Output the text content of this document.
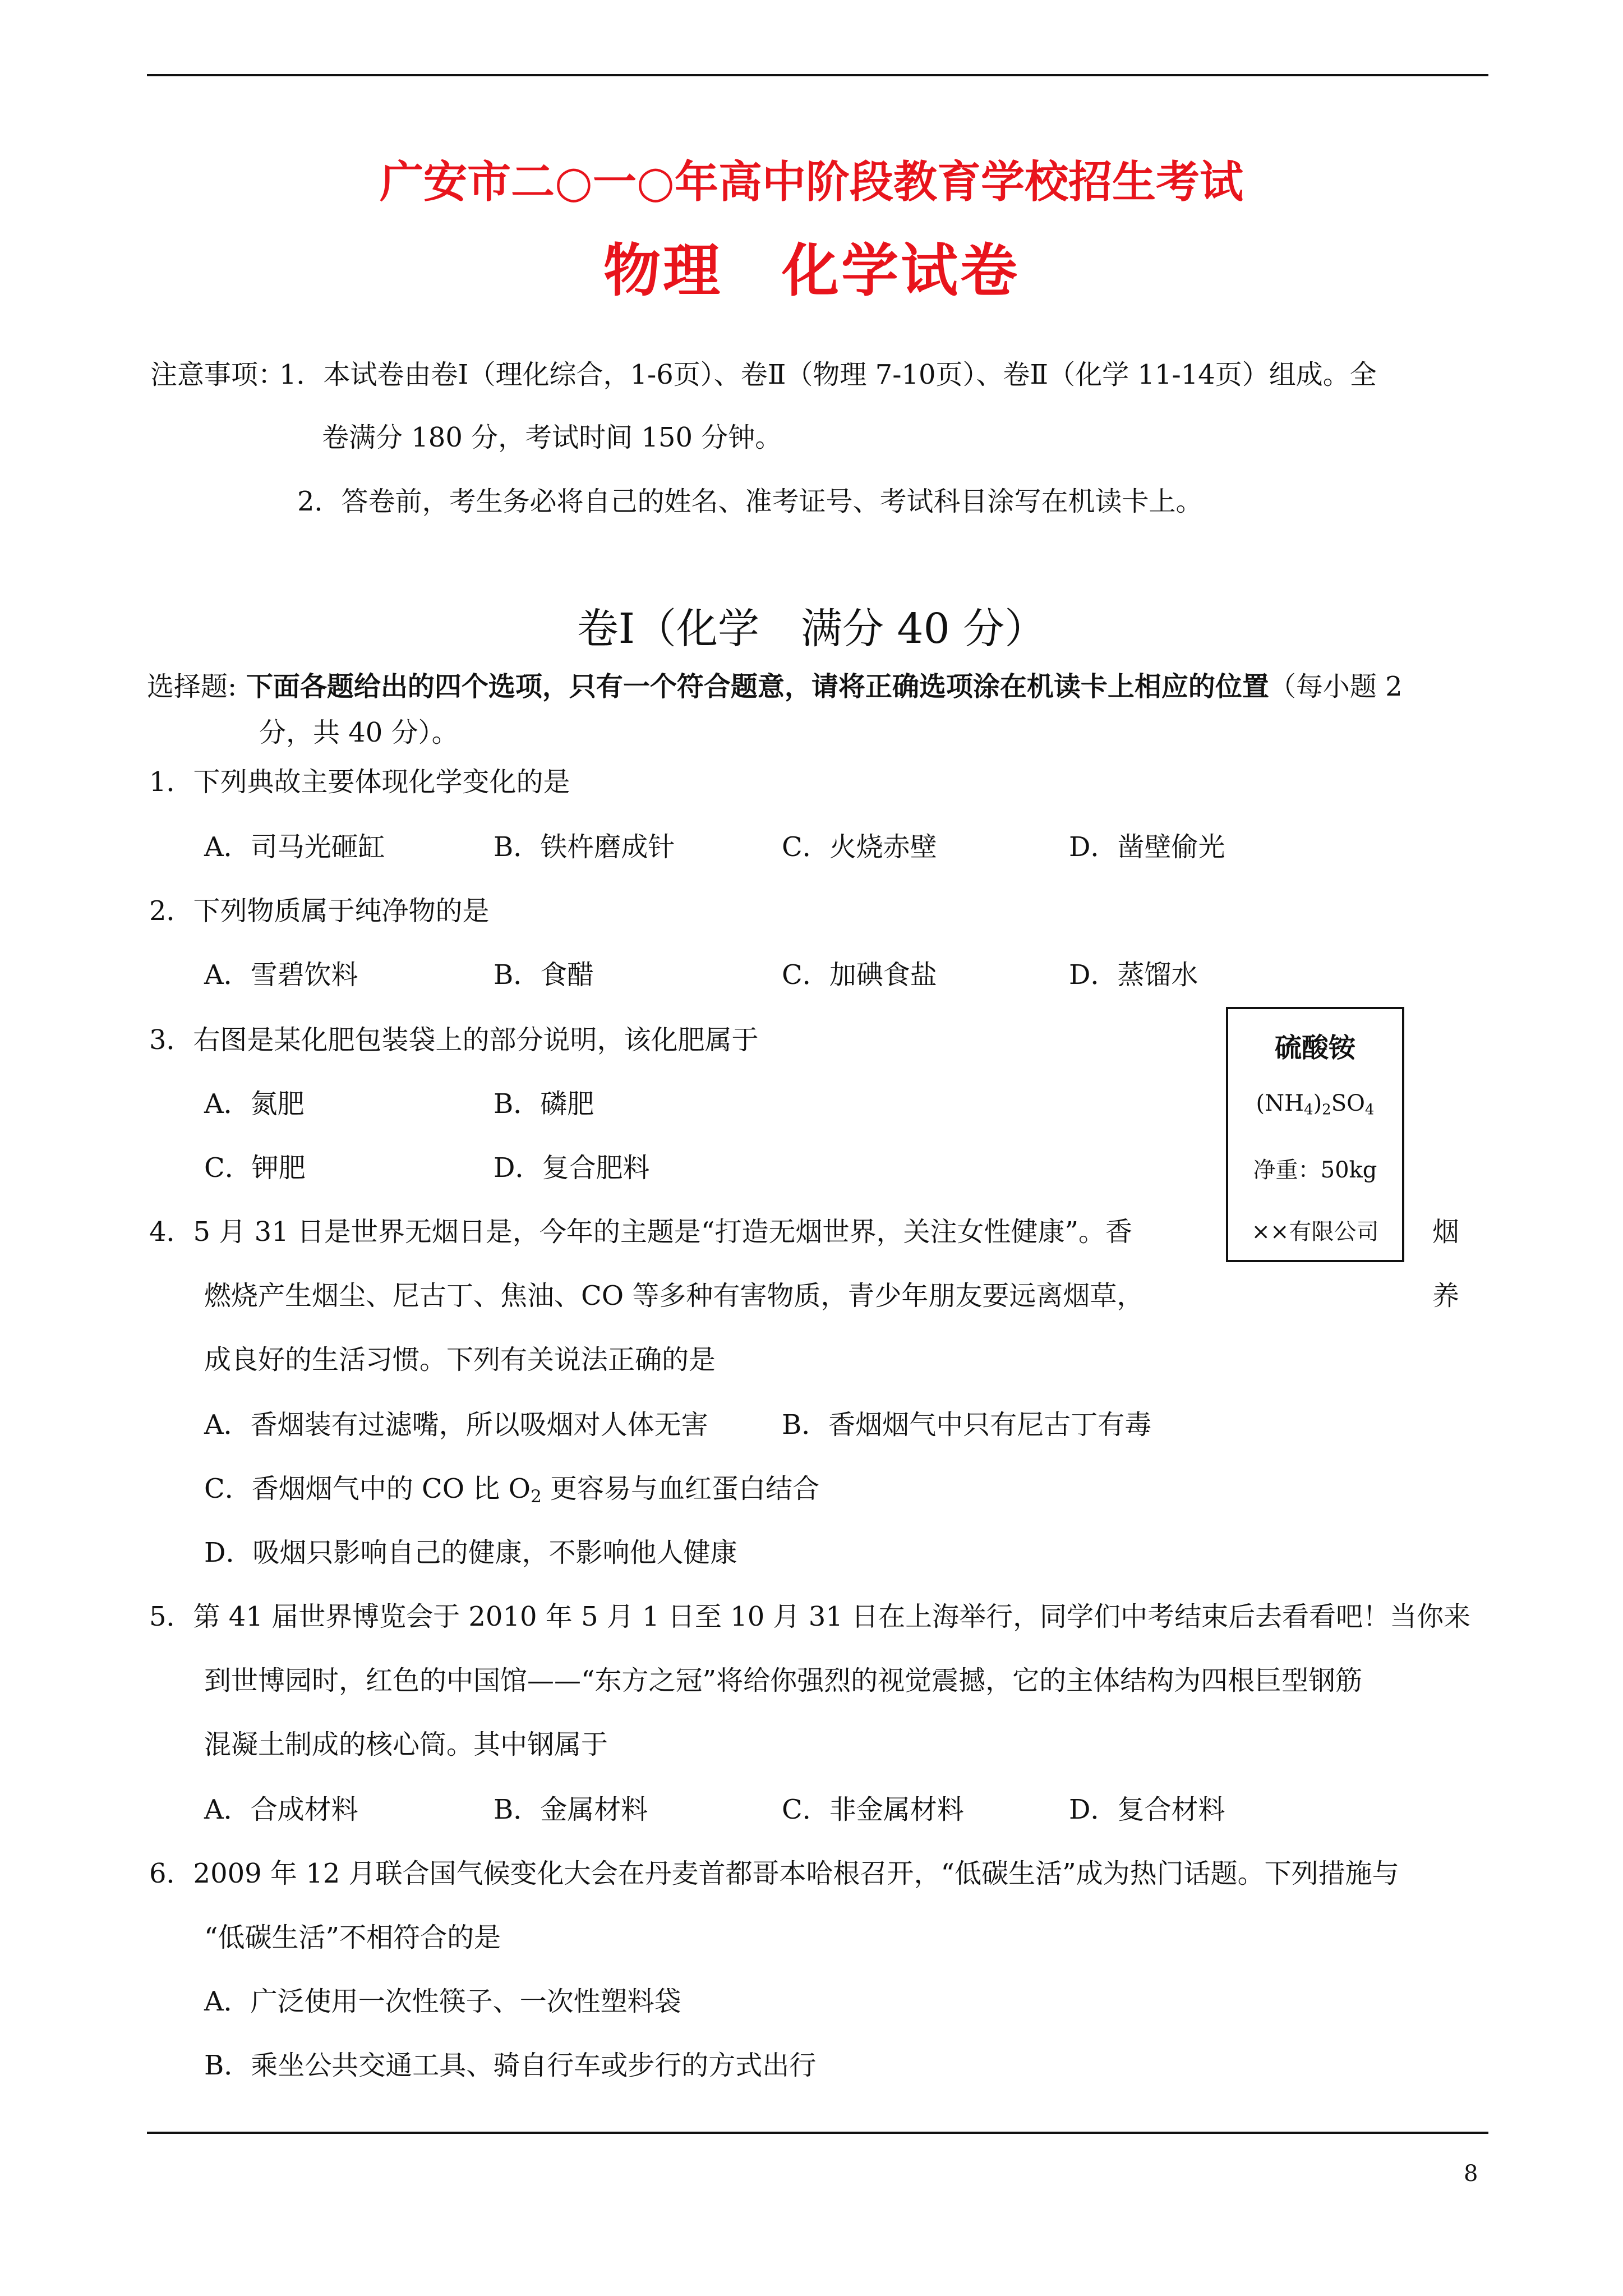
广安市二○一○年高中阶段教育学校招生考试
物理　化学试卷
注意事项：
1．本试卷由卷Ⅰ（理化综合，1-6页）、卷Ⅱ（物理 7-10页）、卷Ⅱ（化学 11-14页）组成。全
卷满分 180 分，考试时间 150 分钟。
2．答卷前，考生务必将自己的姓名、准考证号、考试科目涂写在机读卡上。
卷Ⅰ（化学　满分 40 分）
选择题: 下面各题给出的四个选项，只有一个符合题意，请将正确选项涂在机读卡上相应的位置（每小题 2
分，共 40 分）。
1．下列典故主要体现化学变化的是
A．司马光砸缸	B．铁杵磨成针	C．火烧赤壁	D．凿壁偷光
2．下列物质属于纯净物的是
A．雪碧饮料	B．食醋	C．加碘食盐	D．蒸馏水
3．右图是某化肥包装袋上的部分说明，该化肥属于
A．氮肥	B．磷肥
C．钾肥	D．复合肥料
硫酸铵
$(NH_4)_2SO_4$
净重：50kg
××有限公司
4．5 月 31 日是世界无烟日是，今年的主题是“打造无烟世界，关注女性健康”。香	烟
燃烧产生烟尘、尼古丁、焦油、CO 等多种有害物质，青少年朋友要远离烟草，	养
成良好的生活习惯。下列有关说法正确的是
A．香烟装有过滤嘴，所以吸烟对人体无害	B．香烟烟气中只有尼古丁有毒
C．香烟烟气中的 CO 比 $O_2$ 更容易与血红蛋白结合
D．吸烟只影响自己的健康，不影响他人健康
5．第 41 届世界博览会于 2010 年 5 月 1 日至 10 月 31 日在上海举行，同学们中考结束后去看看吧！当你来
到世博园时，红色的中国馆——“东方之冠”将给你强烈的视觉震撼，它的主体结构为四根巨型钢筋
混凝土制成的核心筒。其中钢属于
A．合成材料	B．金属材料	C．非金属材料	D．复合材料
6．2009 年 12 月联合国气候变化大会在丹麦首都哥本哈根召开，“低碳生活”成为热门话题。下列措施与
“低碳生活”不相符合的是
A．广泛使用一次性筷子、一次性塑料袋
B．乘坐公共交通工具、骑自行车或步行的方式出行
8
